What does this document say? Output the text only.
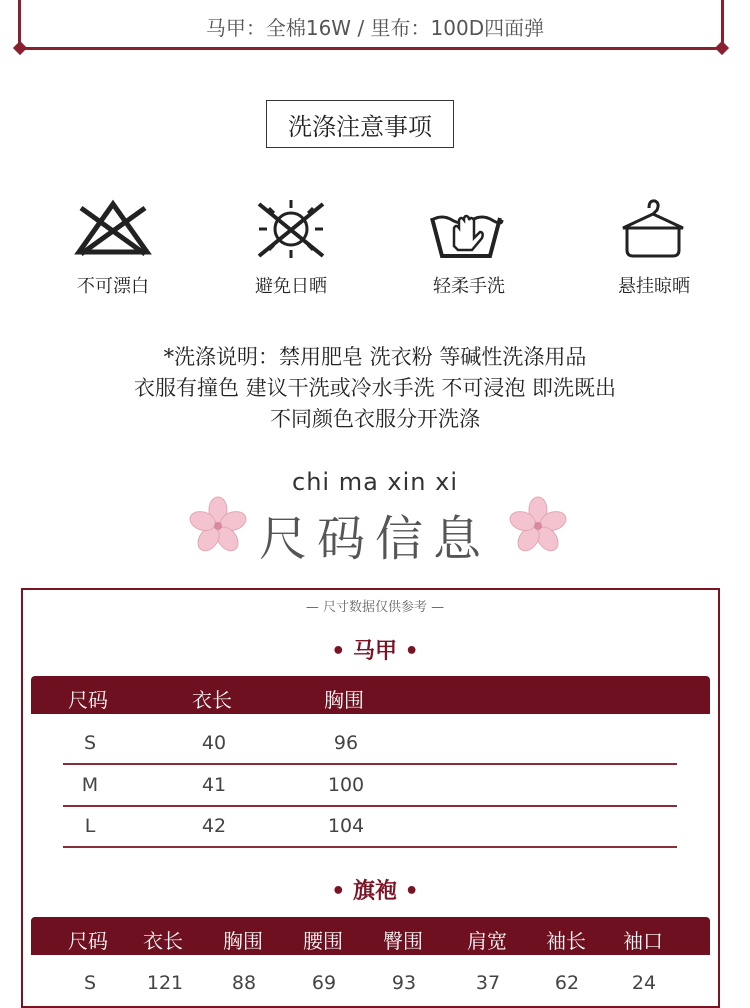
马甲：全棉16W / 里布：100D四面弹
洗涤注意事项
不可漂白	避免日晒	轻柔手洗	悬挂晾晒
*洗涤说明：禁用肥皂 洗衣粉 等碱性洗涤用品
衣服有撞色 建议干洗或冷水手洗 不可浸泡 即洗既出
不同颜色衣服分开洗涤
chi ma xin xi
尺码信息
— 尺寸数据仅供参考 —
• 马甲 •
尺码	衣长	胸围
S	40	96
M	41	100
L	42	104
• 旗袍 •
尺码 衣长 胸围 腰围 臀围 肩宽 袖长 袖口
S	121	88	69	93	37	62	24
